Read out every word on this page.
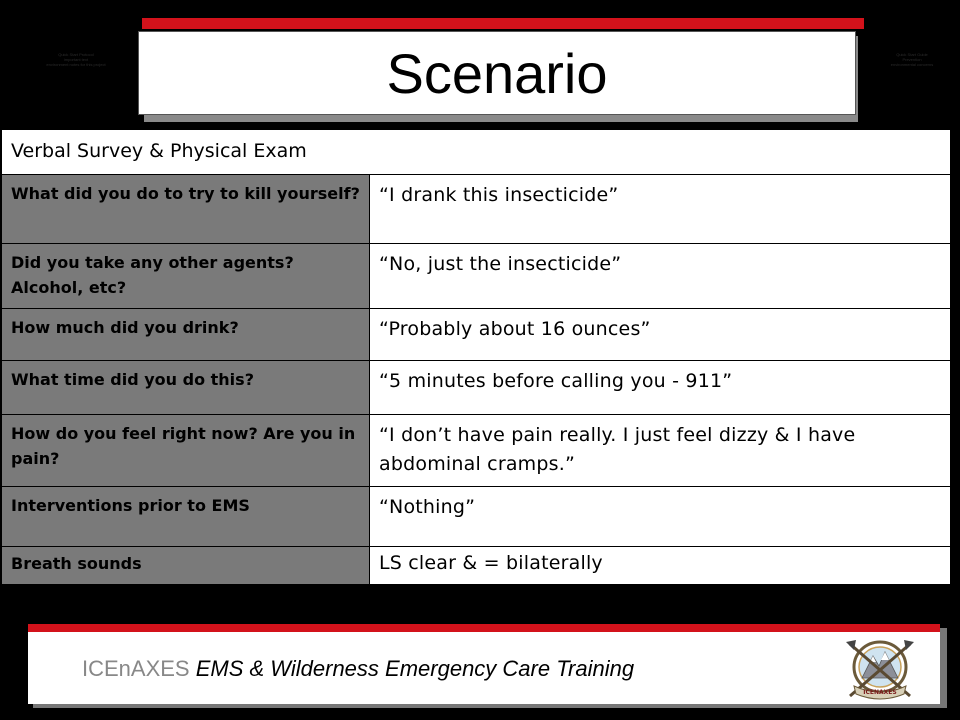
Quick Start Protocol
important text
environment notes for this project
Quick Start Guide
Prevention
environmental concerns
Scenario
Verbal Survey & Physical Exam	
What did you do to try to kill yourself?	“I drank this insecticide”
Did you take any other agents? Alcohol, etc?	“No, just the insecticide”
How much did you drink?	“Probably about 16 ounces”
What time did you do this?	“5 minutes before calling you - 911”
How do you feel right now? Are you in pain?	“I don’t have pain really. I just feel dizzy & I have abdominal cramps.”
Interventions prior to EMS	“Nothing”
Breath sounds	LS clear & = bilaterally
ICEnAXES EMS & Wilderness Emergency Care Training
ICENAXES
